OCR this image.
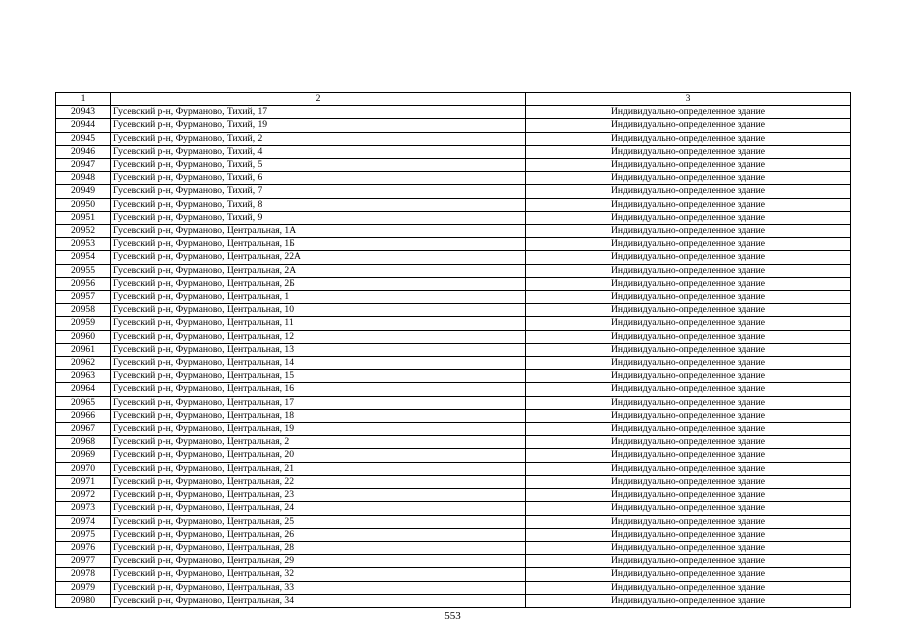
1	2	3
20943	Гусевский р-н, Фурманово, Тихий, 17	Индивидуально-определенное здание
20944	Гусевский р-н, Фурманово, Тихий, 19	Индивидуально-определенное здание
20945	Гусевский р-н, Фурманово, Тихий, 2	Индивидуально-определенное здание
20946	Гусевский р-н, Фурманово, Тихий, 4	Индивидуально-определенное здание
20947	Гусевский р-н, Фурманово, Тихий, 5	Индивидуально-определенное здание
20948	Гусевский р-н, Фурманово, Тихий, 6	Индивидуально-определенное здание
20949	Гусевский р-н, Фурманово, Тихий, 7	Индивидуально-определенное здание
20950	Гусевский р-н, Фурманово, Тихий, 8	Индивидуально-определенное здание
20951	Гусевский р-н, Фурманово, Тихий, 9	Индивидуально-определенное здание
20952	Гусевский р-н, Фурманово, Центральная, 1А	Индивидуально-определенное здание
20953	Гусевский р-н, Фурманово, Центральная, 1Б	Индивидуально-определенное здание
20954	Гусевский р-н, Фурманово, Центральная, 22А	Индивидуально-определенное здание
20955	Гусевский р-н, Фурманово, Центральная, 2А	Индивидуально-определенное здание
20956	Гусевский р-н, Фурманово, Центральная, 2Б	Индивидуально-определенное здание
20957	Гусевский р-н, Фурманово, Центральная, 1	Индивидуально-определенное здание
20958	Гусевский р-н, Фурманово, Центральная, 10	Индивидуально-определенное здание
20959	Гусевский р-н, Фурманово, Центральная, 11	Индивидуально-определенное здание
20960	Гусевский р-н, Фурманово, Центральная, 12	Индивидуально-определенное здание
20961	Гусевский р-н, Фурманово, Центральная, 13	Индивидуально-определенное здание
20962	Гусевский р-н, Фурманово, Центральная, 14	Индивидуально-определенное здание
20963	Гусевский р-н, Фурманово, Центральная, 15	Индивидуально-определенное здание
20964	Гусевский р-н, Фурманово, Центральная, 16	Индивидуально-определенное здание
20965	Гусевский р-н, Фурманово, Центральная, 17	Индивидуально-определенное здание
20966	Гусевский р-н, Фурманово, Центральная, 18	Индивидуально-определенное здание
20967	Гусевский р-н, Фурманово, Центральная, 19	Индивидуально-определенное здание
20968	Гусевский р-н, Фурманово, Центральная, 2	Индивидуально-определенное здание
20969	Гусевский р-н, Фурманово, Центральная, 20	Индивидуально-определенное здание
20970	Гусевский р-н, Фурманово, Центральная, 21	Индивидуально-определенное здание
20971	Гусевский р-н, Фурманово, Центральная, 22	Индивидуально-определенное здание
20972	Гусевский р-н, Фурманово, Центральная, 23	Индивидуально-определенное здание
20973	Гусевский р-н, Фурманово, Центральная, 24	Индивидуально-определенное здание
20974	Гусевский р-н, Фурманово, Центральная, 25	Индивидуально-определенное здание
20975	Гусевский р-н, Фурманово, Центральная, 26	Индивидуально-определенное здание
20976	Гусевский р-н, Фурманово, Центральная, 28	Индивидуально-определенное здание
20977	Гусевский р-н, Фурманово, Центральная, 29	Индивидуально-определенное здание
20978	Гусевский р-н, Фурманово, Центральная, 32	Индивидуально-определенное здание
20979	Гусевский р-н, Фурманово, Центральная, 33	Индивидуально-определенное здание
20980	Гусевский р-н, Фурманово, Центральная, 34	Индивидуально-определенное здание
553
